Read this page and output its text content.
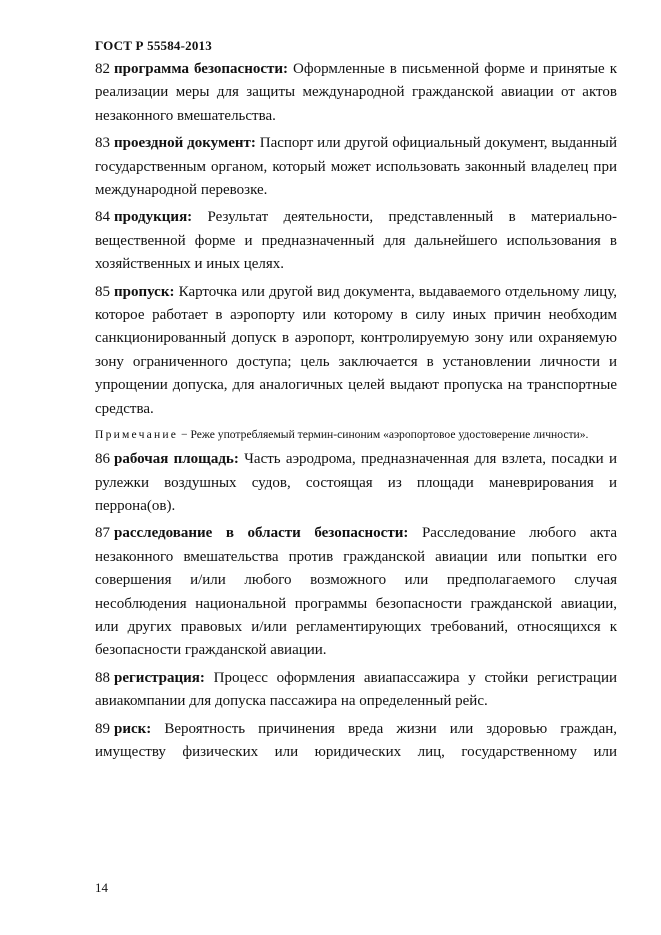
ГОСТ Р 55584-2013

82 программа безопасности: Оформленные в письменной форме и принятые к реализации меры для защиты международной гражданской авиации от актов незаконного вмешательства.

83 проездной документ: Паспорт или другой официальный документ, выданный государственным органом, который может использовать законный владелец при международной перевозке.

84 продукция: Результат деятельности, представленный в материально-вещественной форме и предназначенный для дальнейшего использования в хозяйственных и иных целях.

85 пропуск: Карточка или другой вид документа, выдаваемого отдельному лицу, которое работает в аэропорту или которому в силу иных причин необходим санкционированный допуск в аэропорт, контролируемую зону или охраняемую зону ограниченного доступа; цель заключается в установлении личности и упрощении допуска, для аналогичных целей выдают пропуска на транспортные средства.

Примечание − Реже употребляемый термин-синоним «аэропортовое удостоверение личности».

86 рабочая площадь: Часть аэродрома, предназначенная для взлета, посадки и рулежки воздушных судов, состоящая из площади маневрирования и перрона(ов).

87 расследование в области безопасности: Расследование любого акта незаконного вмешательства против гражданской авиации или попытки его совершения и/или любого возможного или предполагаемого случая несоблюдения национальной программы безопасности гражданской авиации, или других правовых и/или регламентирующих требований, относящихся к безопасности гражданской авиации.

88 регистрация: Процесс оформления авиапассажира у стойки регистрации авиакомпании для допуска пассажира на определенный рейс.

89 риск: Вероятность причинения вреда жизни или здоровью граждан, имуществу физических или юридических лиц, государственному или

14
